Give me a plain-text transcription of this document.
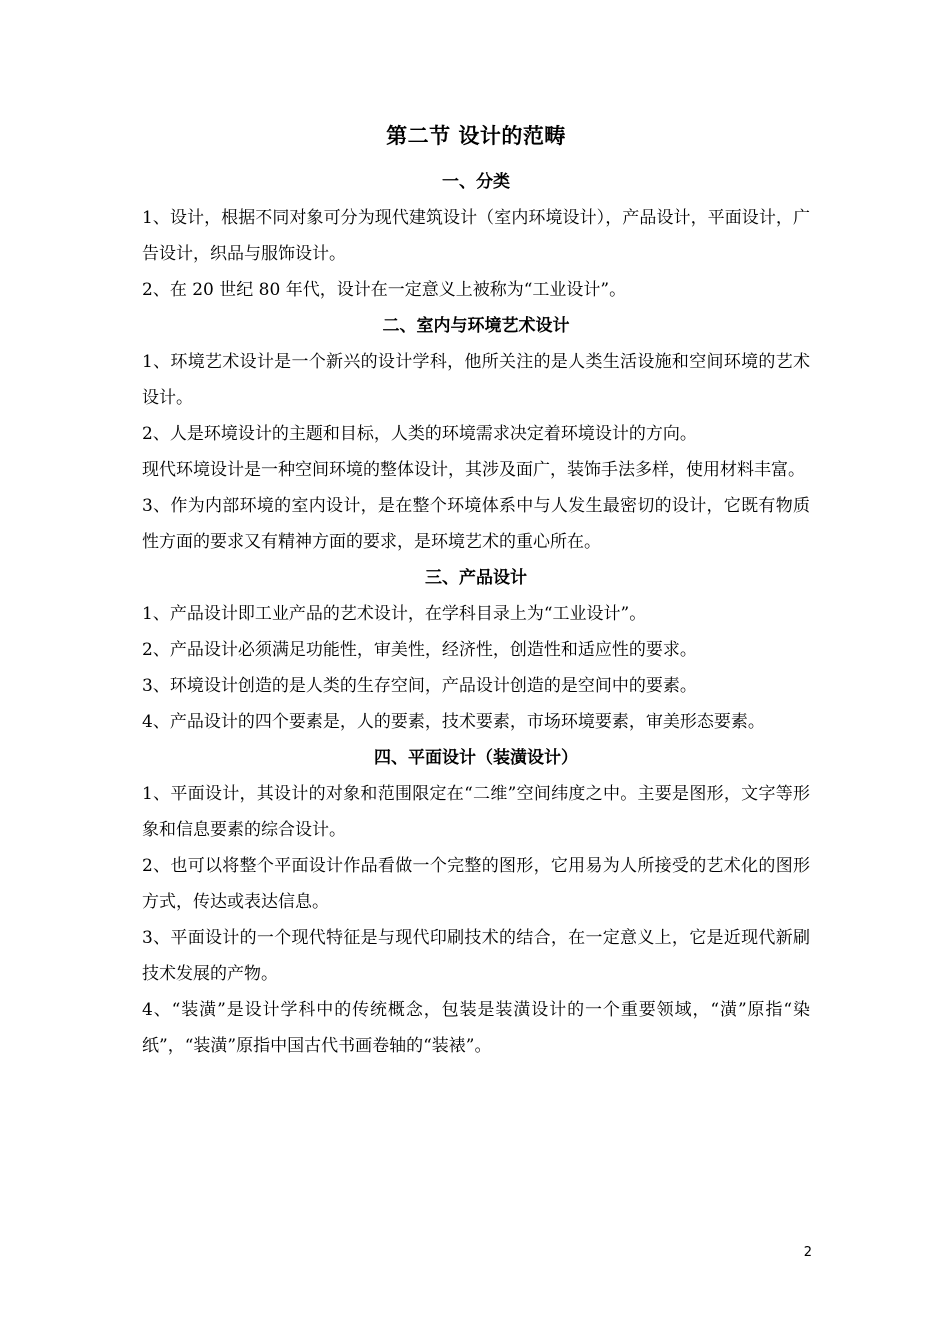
第二节 设计的范畴
一、分类

1、设计，根据不同对象可分为现代建筑设计（室内环境设计），产品设计，平面设计，广告设计，织品与服饰设计。

2、在 20 世纪 80 年代，设计在一定意义上被称为“工业设计”。

二、室内与环境艺术设计

1、环境艺术设计是一个新兴的设计学科，他所关注的是人类生活设施和空间环境的艺术设计。

2、人是环境设计的主题和目标，人类的环境需求决定着环境设计的方向。

现代环境设计是一种空间环境的整体设计，其涉及面广，装饰手法多样，使用材料丰富。

3、作为内部环境的室内设计，是在整个环境体系中与人发生最密切的设计，它既有物质性方面的要求又有精神方面的要求，是环境艺术的重心所在。

三、产品设计

1、产品设计即工业产品的艺术设计，在学科目录上为“工业设计”。

2、产品设计必须满足功能性，审美性，经济性，创造性和适应性的要求。

3、环境设计创造的是人类的生存空间，产品设计创造的是空间中的要素。

4、产品设计的四个要素是，人的要素，技术要素，市场环境要素，审美形态要素。

四、平面设计（装潢设计）

1、平面设计，其设计的对象和范围限定在“二维”空间纬度之中。主要是图形，文字等形象和信息要素的综合设计。

2、也可以将整个平面设计作品看做一个完整的图形，它用易为人所接受的艺术化的图形方式，传达或表达信息。

3、平面设计的一个现代特征是与现代印刷技术的结合，在一定意义上，它是近现代新刷技术发展的产物。

4、“装潢”是设计学科中的传统概念，包装是装潢设计的一个重要领域，“潢”原指“染纸”，“装潢”原指中国古代书画卷轴的“装裱”。

2
